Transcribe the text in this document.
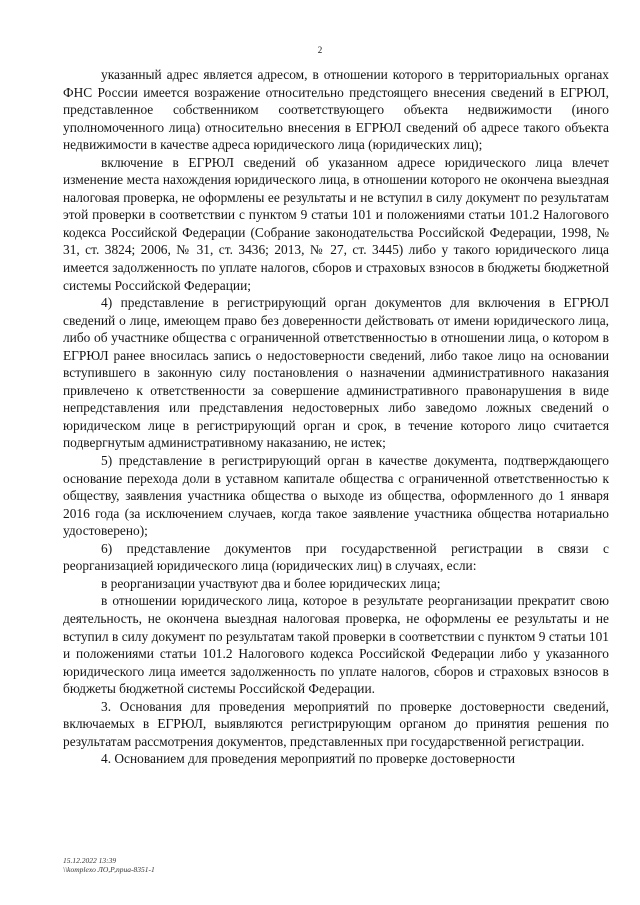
2

указанный адрес является адресом, в отношении которого в территориальных органах ФНС России имеется возражение относительно предстоящего внесения сведений в ЕГРЮЛ, представленное собственником соответствующего объекта недвижимости (иного уполномоченного лица) относительно внесения в ЕГРЮЛ сведений об адресе такого объекта недвижимости в качестве адреса юридического лица (юридических лиц);

включение в ЕГРЮЛ сведений об указанном адресе юридического лица влечет изменение места нахождения юридического лица, в отношении которого не окончена выездная налоговая проверка, не оформлены ее результаты и не вступил в силу документ по результатам этой проверки в соответствии с пунктом 9 статьи 101 и положениями статьи 101.2 Налогового кодекса Российской Федерации (Собрание законодательства Российской Федерации, 1998, № 31, ст. 3824; 2006, № 31, ст. 3436; 2013, № 27, ст. 3445) либо у такого юридического лица имеется задолженность по уплате налогов, сборов и страховых взносов в бюджеты бюджетной системы Российской Федерации;

4) представление в регистрирующий орган документов для включения в ЕГРЮЛ сведений о лице, имеющем право без доверенности действовать от имени юридического лица, либо об участнике общества с ограниченной ответственностью в отношении лица, о котором в ЕГРЮЛ ранее вносилась запись о недостоверности сведений, либо такое лицо на основании вступившего в законную силу постановления о назначении административного наказания привлечено к ответственности за совершение административного правонарушения в виде непредставления или представления недостоверных либо заведомо ложных сведений о юридическом лице в регистрирующий орган и срок, в течение которого лицо считается подвергнутым административному наказанию, не истек;

5) представление в регистрирующий орган в качестве документа, подтверждающего основание перехода доли в уставном капитале общества с ограниченной ответственностью к обществу, заявления участника общества о выходе из общества, оформленного до 1 января 2016 года (за исключением случаев, когда такое заявление участника общества нотариально удостоверено);

6) представление документов при государственной регистрации в связи с реорганизацией юридического лица (юридических лиц) в случаях, если:

в реорганизации участвуют два и более юридических лица;

в отношении юридического лица, которое в результате реорганизации прекратит свою деятельность, не окончена выездная налоговая проверка, не оформлены ее результаты и не вступил в силу документ по результатам такой проверки в соответствии с пунктом 9 статьи 101 и положениями статьи 101.2 Налогового кодекса Российской Федерации либо у указанного юридического лица имеется задолженность по уплате налогов, сборов и страховых взносов в бюджеты бюджетной системы Российской Федерации.

3. Основания для проведения мероприятий по проверке достоверности сведений, включаемых в ЕГРЮЛ, выявляются регистрирующим органом до принятия решения по результатам рассмотрения документов, представленных при государственной регистрации.

4. Основанием для проведения мероприятий по проверке достоверности

15.12.2022 13:39
\\komplexo ЛО,Р,приа-8351-1
